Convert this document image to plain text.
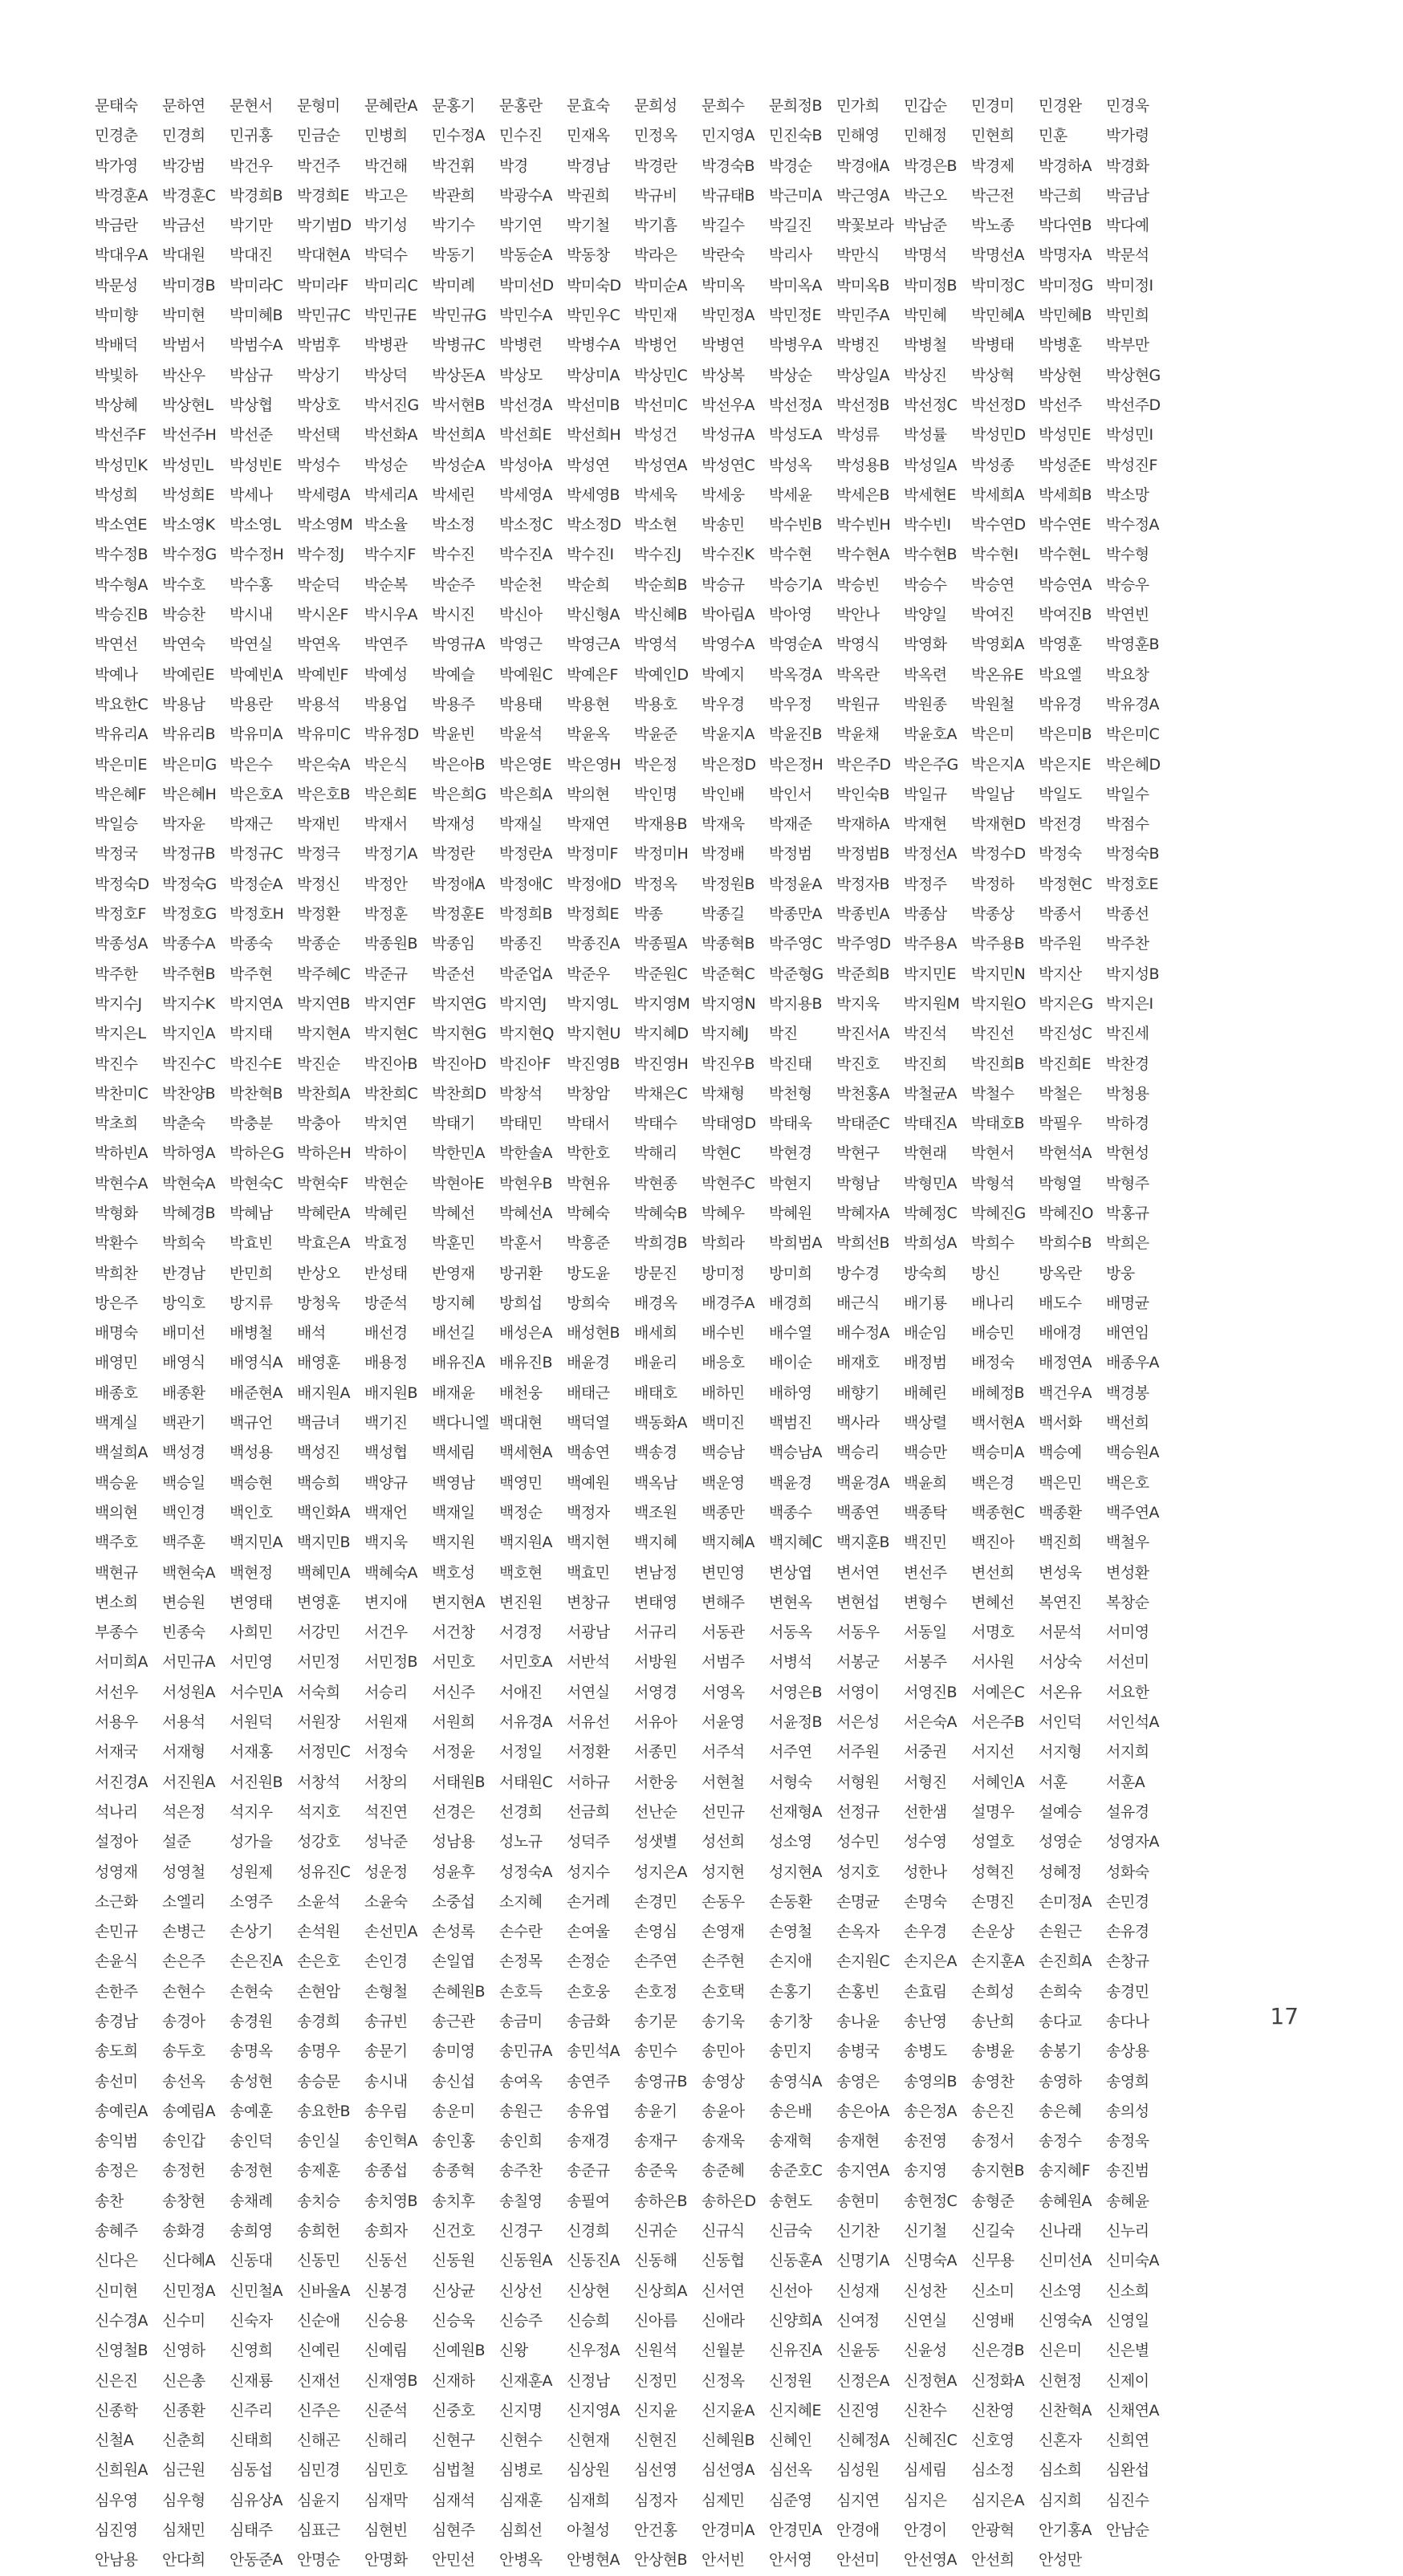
문태숙	문하연	문현서	문형미	문혜란A 문홍기	문홍란	문효숙	문희성	문희수	문희정B 민가희	민갑순	민경미	민경완	민경욱
민경춘	민경희	민귀홍	민금순	민병희	민수정A 민수진	민재옥	민정옥	민지영A 민진숙B 민해영	민해정	민현희	민훈	박가령
박가영	박강범	박건우	박건주	박건해	박건휘	박경	박경남	박경란	박경숙B 박경순	박경애A 박경은B 박경제	박경하A 박경화
박경훈A 박경훈C 박경희B 박경희E 박고은	박관희	박광수A 박권희	박규비	박규태B 박근미A 박근영A 박근오	박근전	박근희	박금남
박금란	박금선	박기만	박기범D 박기성	박기수	박기연	박기철	박기흠	박길수	박길진	박꽃보라 박남준	박노종	박다연B 박다예
박대우A 박대원	박대진	박대현A 박덕수	박동기	박동순A 박동창	박라은	박란숙	박리사	박만식	박명석	박명선A 박명자A 박문석
박문성	박미경B 박미라C 박미라F	박미리C 박미례	박미선D 박미숙D 박미순A 박미옥	박미옥A 박미옥B 박미정B 박미정C 박미정G 박미정I
박미향	박미현	박미혜B 박민규C 박민규E 박민규G 박민수A 박민우C 박민재	박민정A 박민정E 박민주A 박민혜	박민혜A 박민혜B 박민희
박배덕	박범서	박범수A 박범후	박병관	박병규C 박병련	박병수A 박병언	박병연	박병우A 박병진	박병철	박병태	박병훈	박부만
박빛하	박산우	박삼규	박상기	박상덕	박상돈A 박상모	박상미A 박상민C 박상복	박상순	박상일A 박상진	박상혁	박상현	박상현G
박상혜	박상현L	박상협	박상호	박서진G 박서현B 박선경A 박선미B 박선미C 박선우A 박선정A 박선정B 박선정C 박선정D 박선주	박선주D
박선주F	박선주H 박선준	박선택	박선화A 박선희A 박선희E 박선희H 박성건	박성규A 박성도A 박성류	박성률	박성민D 박성민E 박성민I
박성민K 박성민L	박성빈E 박성수	박성순	박성순A 박성아A 박성연	박성연A 박성연C 박성옥	박성용B 박성일A 박성종	박성준E 박성진F
박성희	박성희E 박세나	박세령A 박세리A 박세린	박세영A 박세영B 박세욱	박세웅	박세윤	박세은B 박세현E 박세희A 박세희B 박소망
박소연E 박소영K 박소영L	박소영M 박소율	박소정	박소정C 박소정D 박소현	박송민	박수빈B 박수빈H 박수빈I	박수연D 박수연E 박수정A
박수정B 박수정G 박수정H 박수정J	박수지F	박수진	박수진A 박수진I	박수진J	박수진K 박수현	박수현A 박수현B 박수현I	박수현L	박수형
박수형A 박수호	박수홍	박순덕	박순복	박순주	박순천	박순희	박순희B 박승규	박승기A 박승빈	박승수	박승연	박승연A 박승우
박승진B 박승찬	박시내	박시온F	박시우A 박시진	박신아	박신형A 박신혜B 박아림A 박아영	박안나	박양일	박여진	박여진B 박연빈
박연선	박연숙	박연실	박연옥	박연주	박영규A 박영근	박영근A 박영석	박영수A 박영순A 박영식	박영화	박영회A 박영훈	박영훈B
박예나	박예린E 박예빈A 박예빈F	박예성	박예슬	박예원C 박예은F	박예인D 박예지	박옥경A 박옥란	박옥련	박온유E 박요엘	박요창
박요한C 박용남	박용란	박용석	박용업	박용주	박용태	박용현	박용호	박우경	박우정	박원규	박원종	박원철	박유경	박유경A
박유리A 박유리B 박유미A 박유미C 박유정D 박윤빈	박윤석	박윤옥	박윤준	박윤지A 박윤진B 박윤채	박윤호A 박은미	박은미B 박은미C
박은미E 박은미G 박은수	박은숙A 박은식	박은아B 박은영E 박은영H 박은정	박은정D 박은정H 박은주D 박은주G 박은지A 박은지E 박은혜D
박은혜F	박은혜H 박은호A 박은호B 박은희E 박은희G 박은희A 박의현	박인명	박인배	박인서	박인숙B 박일규	박일남	박일도	박일수
박일승	박자윤	박재근	박재빈	박재서	박재성	박재실	박재연	박재용B 박재욱	박재준	박재하A 박재현	박재현D 박전경	박점수
박정국	박정규B 박정규C 박정극	박정기A 박정란	박정란A 박정미F	박정미H 박정배	박정범	박정범B 박정선A 박정수D 박정숙	박정숙B
박정숙D 박정숙G 박정순A 박정신	박정안	박정애A 박정애C 박정애D 박정옥	박정원B 박정윤A 박정자B 박정주	박정하	박정현C 박정호E
박정호F	박정호G 박정호H 박정환	박정훈	박정훈E 박정희B 박정희E 박종	박종길	박종만A 박종빈A 박종삼	박종상	박종서	박종선
박종성A 박종수A 박종숙	박종순	박종원B 박종임	박종진	박종진A 박종필A 박종혁B 박주영C 박주영D 박주용A 박주용B 박주원	박주찬
박주한	박주현B 박주현	박주혜C 박준규	박준선	박준업A 박준우	박준원C 박준혁C 박준형G 박준희B 박지민E 박지민N 박지산	박지성B
박지수J	박지수K 박지연A 박지연B 박지연F	박지연G 박지연J	박지영L	박지영M 박지영N 박지용B 박지욱	박지원M 박지원O 박지은G 박지은I
박지은L	박지인A 박지태	박지현A 박지현C 박지현G 박지현Q 박지현U 박지혜D 박지혜J	박진	박진서A 박진석	박진선	박진성C 박진세
박진수	박진수C 박진수E 박진순	박진아B 박진아D 박진아F	박진영B 박진영H 박진우B 박진태	박진호	박진희	박진희B 박진희E 박찬경
박찬미C 박찬양B 박찬혁B 박찬희A 박찬희C 박찬희D 박창석	박창암	박채은C 박채형	박천형	박천홍A 박철균A 박철수	박철은	박청용
박초희	박춘숙	박충분	박충아	박치연	박태기	박태민	박태서	박태수	박태영D 박태욱	박태준C 박태진A 박태호B 박필우	박하경
박하빈A 박하영A 박하은G 박하은H 박하이	박한민A 박한솔A 박한호	박해리	박현C	박현경	박현구	박현래	박현서	박현석A 박현성
박현수A 박현숙A 박현숙C 박현숙F	박현순	박현아E 박현우B 박현유	박현종	박현주C 박현지	박형남	박형민A 박형석	박형열	박형주
박형화	박혜경B 박혜남	박혜란A 박혜린	박혜선	박혜선A 박혜숙	박혜숙B 박혜우	박혜원	박혜자A 박혜정C 박혜진G 박혜진O 박홍규
박환수	박희숙	박효빈	박효은A 박효정	박훈민	박훈서	박흥준	박희경B 박희라	박희범A 박희선B 박희성A 박희수	박희수B 박희은
박희찬	반경남	반민희	반상오	반성태	반영재	방귀환	방도윤	방문진	방미정	방미희	방수경	방숙희	방신	방옥란	방웅
방은주	방익호	방지류	방청욱	방준석	방지혜	방희섭	방희숙	배경옥	배경주A 배경희	배근식	배기룡	배나리	배도수	배명균
배명숙	배미선	배병철	배석	배선경	배선길	배성은A 배성현B 배세희	배수빈	배수열	배수정A 배순임	배승민	배애경	배연임
배영민	배영식	배영식A 배영훈	배용정	배유진A 배유진B 배윤경	배윤리	배응호	배이순	배재호	배정범	배정숙	배정연A 배종우A
배종호	배종환	배준현A 배지원A 배지원B 배재윤	배천웅	배태근	배태호	배하민	배하영	배향기	배혜린	배혜정B 백건우A 백경봉
백계실	백관기	백규언	백금녀	백기진	백다니엘 백대현	백덕열	백동화A 백미진	백범진	백사라	백상렬	백서현A 백서화	백선희
백설희A 백성경	백성용	백성진	백성협	백세림	백세현A 백송연	백송경	백승남	백승남A 백승리	백승만	백승미A 백승예	백승원A
백승윤	백승일	백승현	백승희	백양규	백영남	백영민	백예원	백옥남	백운영	백윤경	백윤경A 백윤희	백은경	백은민	백은호
백의현	백인경	백인호	백인화A 백재언	백재일	백정순	백정자	백조원	백종만	백종수	백종연	백종탁	백종현C 백종환	백주연A
백주호	백주훈	백지민A 백지민B 백지욱	백지원	백지원A 백지현	백지혜	백지혜A 백지혜C 백지훈B 백진민	백진아	백진희	백철우
백현규	백현숙A 백현정	백혜민A 백혜숙A 백호성	백호현	백효민	변남정	변민영	변상엽	변서연	변선주	변선희	변성욱	변성환
변소희	변승원	변영태	변영훈	변지애	변지현A 변진원	변창규	변태영	변해주	변현옥	변현섭	변형수	변혜선	복연진	복창순
부종수	빈종숙	사희민	서강민	서건우	서건창	서경정	서광남	서규리	서동관	서동옥	서동우	서동일	서명호	서문석	서미영
서미희A 서민규A 서민영	서민정	서민정B 서민호	서민호A 서반석	서방원	서범주	서병석	서봉군	서봉주	서사원	서상숙	서선미
서선우	서성원A 서수민A 서숙희	서승리	서신주	서애진	서연실	서영경	서영옥	서영은B 서영이	서영진B 서예은C 서온유	서요한
서용우	서용석	서원덕	서원장	서원재	서원희	서유경A 서유선	서유아	서윤영	서윤정B 서은성	서은숙A 서은주B 서인덕	서인석A
서재국	서재형	서재홍	서정민C 서정숙	서정윤	서정일	서정환	서종민	서주석	서주연	서주원	서중권	서지선	서지형	서지희
서진경A 서진원A 서진원B 서창석	서창의	서태원B 서태원C 서하규	서한웅	서현철	서형숙	서형원	서형진	서혜인A 서훈	서훈A
석나리	석은정	석지우	석지호	석진연	선경은	선경희	선금희	선난순	선민규	선재형A 선정규	선한샘	설명우	설예승	설유경
설정아	설준	성가을	성강호	성낙준	성남용	성노규	성덕주	성샛별	성선희	성소영	성수민	성수영	성열호	성영순	성영자A
성영재	성영철	성원제	성유진C 성운정	성윤후	성정숙A 성지수	성지은A 성지현	성지현A 성지호	성한나	성혁진	성혜정	성화숙
소근화	소엘리	소영주	소윤석	소윤숙	소중섭	소지혜	손거례	손경민	손동우	손동환	손명균	손명숙	손명진	손미정A 손민경
손민규	손병근	손상기	손석원	손선민A 손성록	손수란	손여울	손영심	손영재	손영철	손옥자	손우경	손운상	손원근	손유경
손윤식	손은주	손은진A 손은호	손인경	손일엽	손정목	손정순	손주연	손주현	손지애	손지원C 손지은A 손지훈A 손진희A 손창규
손한주	손현수	손현숙	손현암	손형철	손혜원B 손호득	손호웅	손호정	손호택	손홍기	손홍빈	손효림	손희성	손희숙	송경민
송경남	송경아	송경원	송경희	송규빈	송근관	송금미	송금화	송기문	송기욱	송기창	송나윤	송난영	송난희	송다교	송다나
송도희	송두호	송명옥	송명우	송문기	송미영	송민규A 송민석A 송민수	송민아	송민지	송병국	송병도	송병윤	송봉기	송상용
송선미	송선옥	송성현	송승문	송시내	송신섭	송여옥	송연주	송영규B 송영상	송영식A 송영은	송영의B 송영찬	송영하	송영희
송예린A 송예림A 송예훈	송요한B 송우림	송운미	송원근	송유엽	송윤기	송윤아	송은배	송은아A 송은정A 송은진	송은혜	송의성
송익범	송인갑	송인덕	송인실	송인혁A 송인홍	송인희	송재경	송재구	송재욱	송재혁	송재현	송전영	송정서	송정수	송정욱
송정은	송정헌	송정현	송제훈	송종섭	송종혁	송주찬	송준규	송준욱	송준혜	송준호C 송지연A 송지영	송지현B 송지혜F	송진범
송찬	송창현	송채례	송치승	송치영B 송치후	송칠영	송필여	송하은B 송하은D 송현도	송현미	송현정C 송형준	송혜원A 송혜윤
송혜주	송화경	송희영	송희헌	송희자	신건호	신경구	신경희	신귀순	신규식	신금숙	신기찬	신기철	신길숙	신나래	신누리
신다은	신다혜A 신동대	신동민	신동선	신동원	신동원A 신동진A 신동해	신동협	신동훈A 신명기A 신명숙A 신무용	신미선A 신미숙A
신미현	신민정A 신민철A 신바울A 신봉경	신상균	신상선	신상현	신상희A 신서연	신선아	신성재	신성찬	신소미	신소영	신소희
신수경A 신수미	신숙자	신순애	신승용	신승욱	신승주	신승희	신아름	신애라	신양희A 신여정	신연실	신영배	신영숙A 신영일
신영철B 신영하	신영희	신예린	신예림	신예원B 신왕	신우정A 신원석	신월분	신유진A 신윤동	신윤성	신은경B 신은미	신은별
신은진	신은총	신재룡	신재선	신재영B 신재하	신재훈A 신정남	신정민	신정옥	신정원	신정은A 신정현A 신정화A 신현정	신제이
신종학	신종환	신주리	신주은	신준석	신중호	신지명	신지영A 신지윤	신지윤A 신지혜E 신진영	신찬수	신찬영	신찬혁A 신채연A
신철A	신춘희	신태희	신해곤	신해리	신현구	신현수	신현재	신현진	신혜원B 신혜인	신혜정A 신혜진C 신호영	신혼자	신희연
신희원A 심근원	심동섭	심민경	심민호	심법철	심병로	심상원	심선영	심선영A 심선옥	심성원	심세림	심소정	심소희	심완섭
심우영	심우형	심유상A 심윤지	심재막	심재석	심재훈	심재희	심정자	심제민	심준영	심지연	심지은	심지은A 심지희	심진수
심진영	심채민	심태주	심표근	심현빈	심현주	심희선	아철성	안건홍	안경미A 안경민A 안경애	안경이	안광혁	안기홍A 안남순
안남용	안다희	안동준A 안명순	안명화	안민선	안병옥	안병현A 안상현B 안서빈	안서영	안선미	안선영A 안선희	안성만
17
